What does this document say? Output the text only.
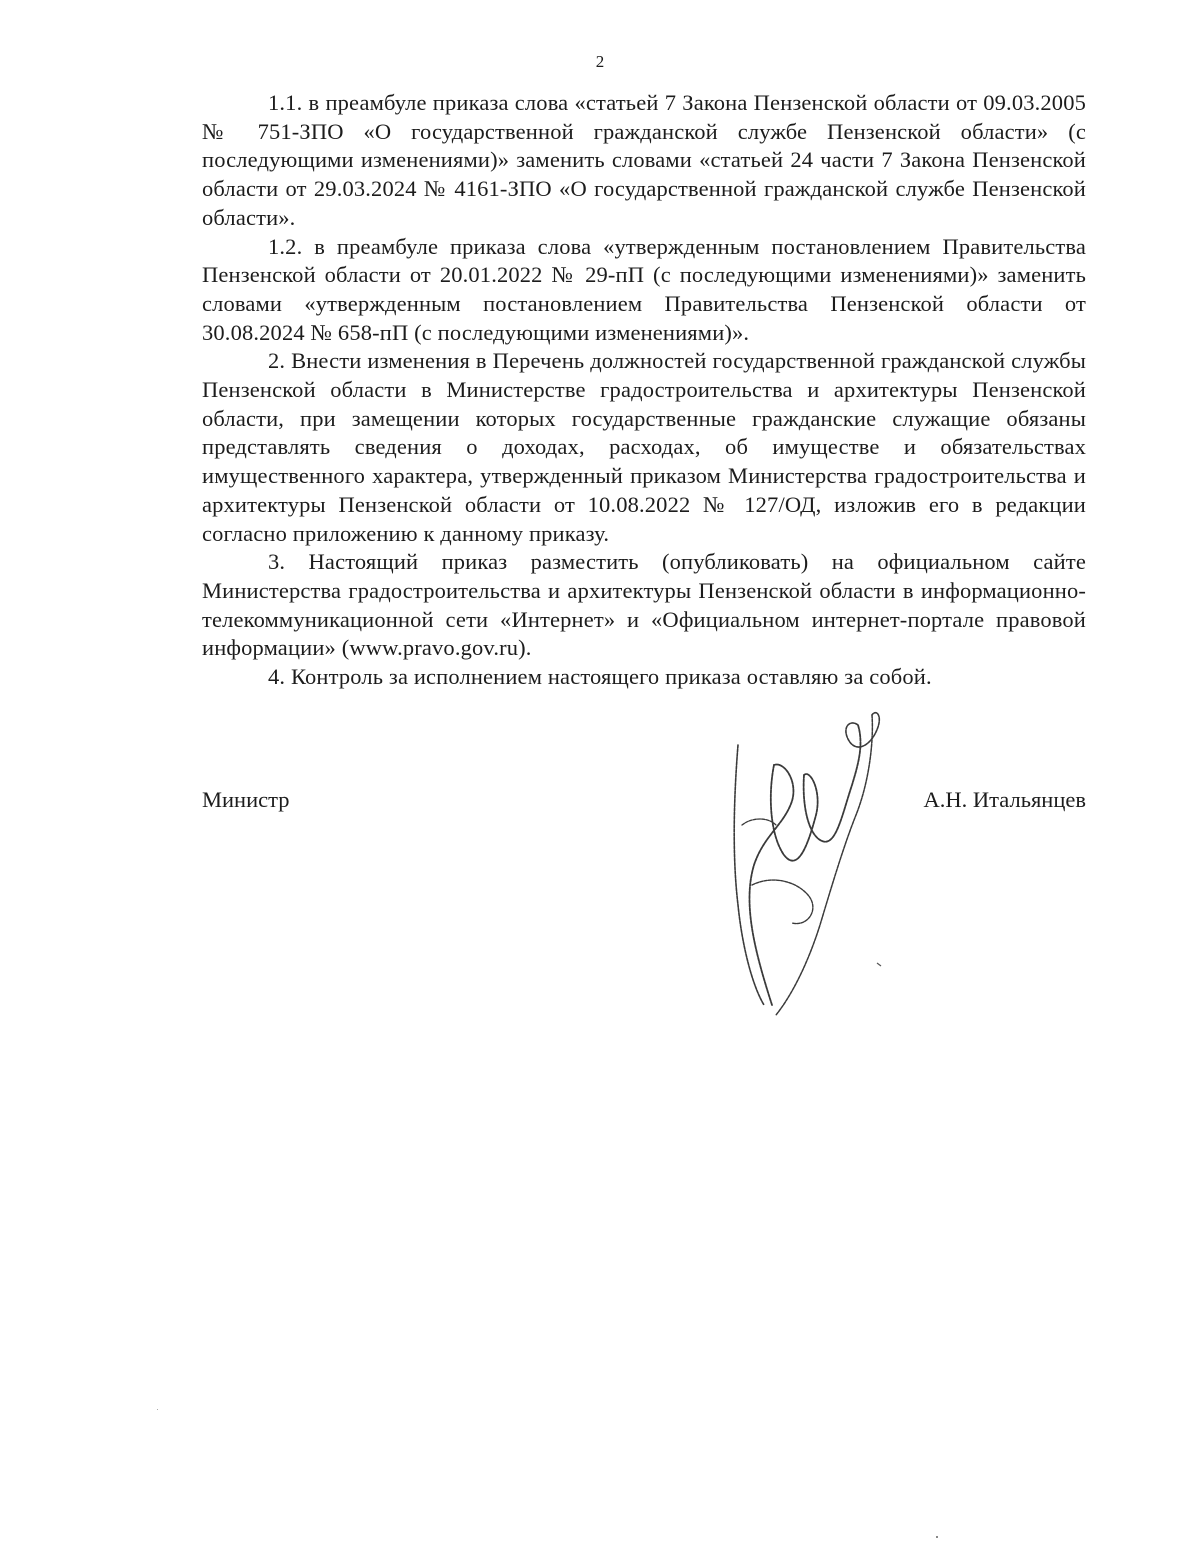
2

1.1. в преамбуле приказа слова «статьей 7 Закона Пензенской области от 09.03.2005 № 751-ЗПО «О государственной гражданской службе Пензенской области» (с последующими изменениями)» заменить словами «статьей 24 части 7 Закона Пензенской области от 29.03.2024 № 4161-ЗПО «О государственной гражданской службе Пензенской области».

1.2. в преамбуле приказа слова «утвержденным постановлением Правительства Пензенской области от 20.01.2022 № 29-пП (с последующими изменениями)» заменить словами «утвержденным постановлением Правительства Пензенской области от 30.08.2024 № 658-пП (с последующими изменениями)».

2. Внести изменения в Перечень должностей государственной гражданской службы Пензенской области в Министерстве градостроительства и архитектуры Пензенской области, при замещении которых государственные гражданские служащие обязаны представлять сведения о доходах, расходах, об имуществе и обязательствах имущественного характера, утвержденный приказом Министерства градостроительства и архитектуры Пензенской области от 10.08.2022 № 127/ОД, изложив его в редакции согласно приложению к данному приказу.

3. Настоящий приказ разместить (опубликовать) на официальном сайте Министерства градостроительства и архитектуры Пензенской области в информационно-телекоммуникационной сети «Интернет» и «Официальном интернет-портале правовой информации» (www.pravo.gov.ru).

4. Контроль за исполнением настоящего приказа оставляю за собой.

Министр	А.Н. Итальянцев
